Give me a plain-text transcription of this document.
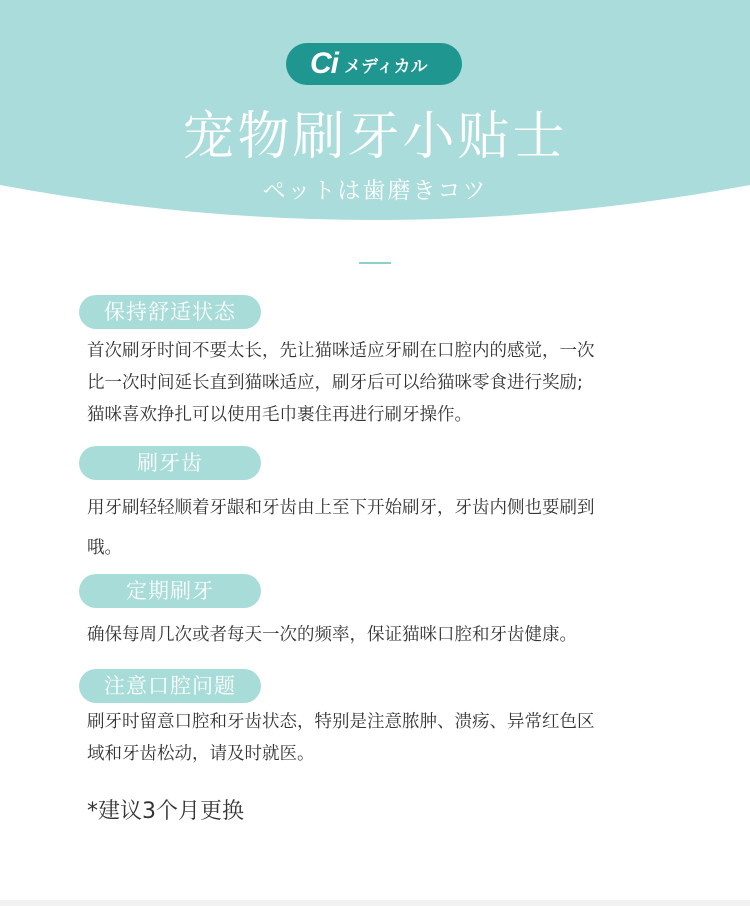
Ci メディカル
宠物刷牙小贴士
ペットは歯磨きコツ
保持舒适状态
首次刷牙时间不要太长，先让猫咪适应牙刷在口腔内的感觉，一次
比一次时间延长直到猫咪适应，刷牙后可以给猫咪零食进行奖励;
猫咪喜欢挣扎可以使用毛巾裹住再进行刷牙操作。
刷牙齿
用牙刷轻轻顺着牙龈和牙齿由上至下开始刷牙，牙齿内侧也要刷到
哦。
定期刷牙
确保每周几次或者每天一次的频率，保证猫咪口腔和牙齿健康。
注意口腔问题
刷牙时留意口腔和牙齿状态，特别是注意脓肿、溃疡、异常红色区
域和牙齿松动，请及时就医。
*建议3个月更换
